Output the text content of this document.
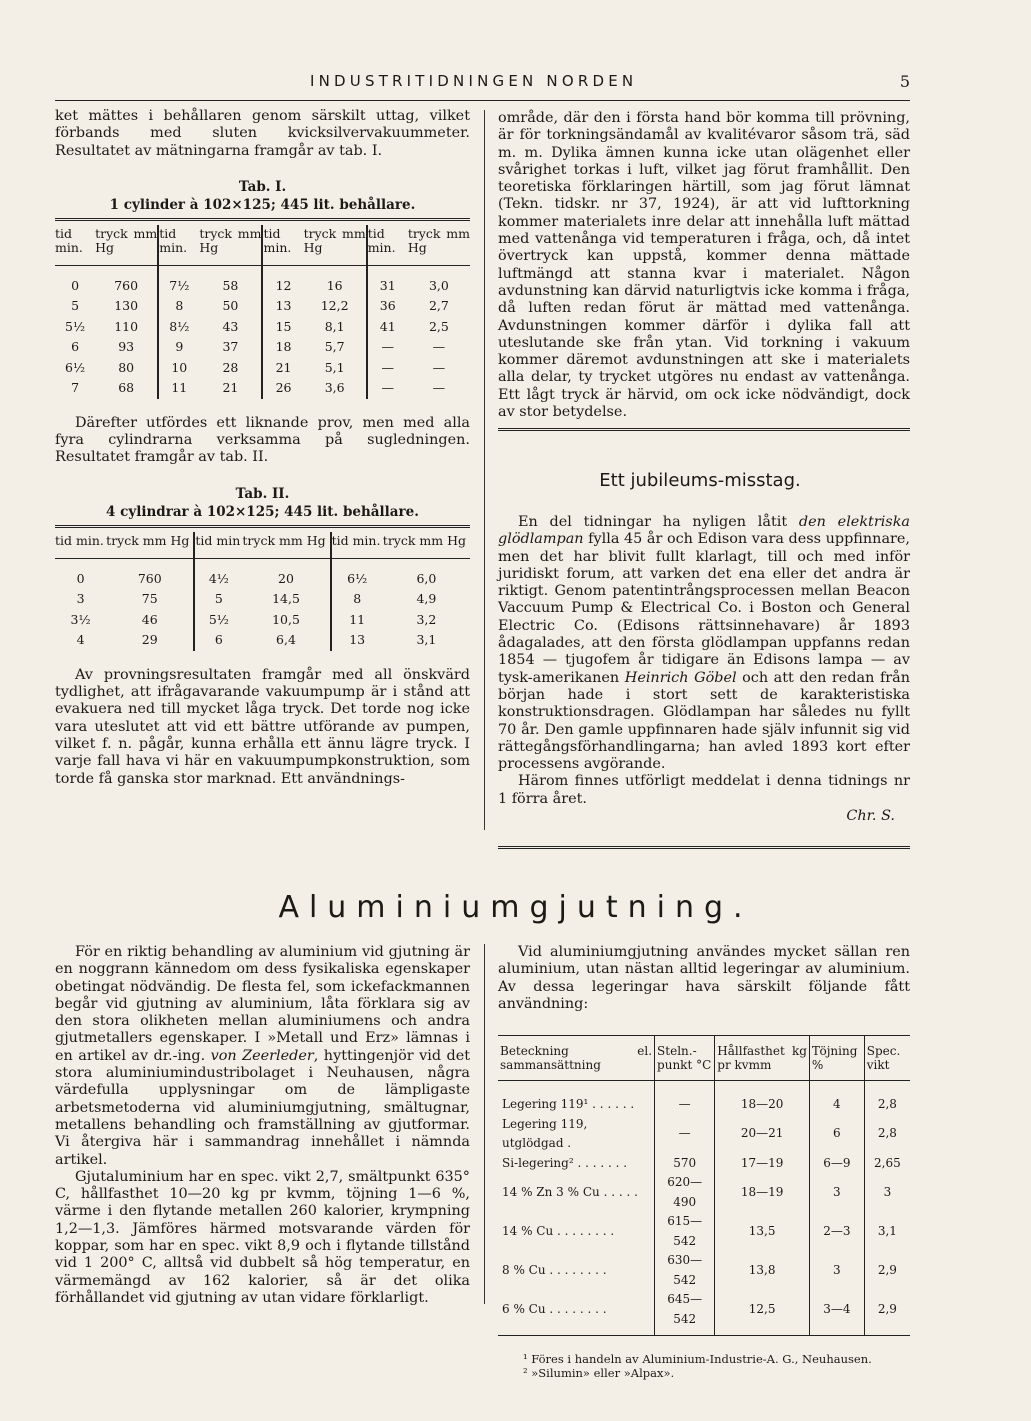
INDUSTRITIDNINGEN NORDEN	5

ket mättes i behållaren genom särskilt uttag, vilket förbands med sluten kvicksilvervakuummeter. Resultatet av mätningarna framgår av tab. I.

Tab. I.
1 cylinder à 102×125; 445 lit. behållare.
tid min.	tryck mm Hg	tid min.	tryck mm Hg	tid min.	tryck mm Hg	tid min.	tryck mm Hg
0	760	7½	58	12	16	31	3,0
5	130	8	50	13	12,2	36	2,7
5½	110	8½	43	15	8,1	41	2,5
6	93	9	37	18	5,7	—	—
6½	80	10	28	21	5,1	—	—
7	68	11	21	26	3,6	—	—

Därefter utfördes ett liknande prov, men med alla fyra cylindrarna verksamma på sugledningen. Resultatet framgår av tab. II.

Tab. II.
4 cylindrar à 102×125; 445 lit. behållare.
tid min.	tryck mm Hg	tid min	tryck mm Hg	tid min.	tryck mm Hg
0	760	4½	20	6½	6,0
3	75	5	14,5	8	4,9
3½	46	5½	10,5	11	3,2
4	29	6	6,4	13	3,1

Av provningsresultaten framgår med all önskvärd tydlighet, att ifrågavarande vakuumpump är i stånd att evakuera ned till mycket låga tryck. Det torde nog icke vara uteslutet att vid ett bättre utförande av pumpen, vilket f. n. pågår, kunna erhålla ett ännu lägre tryck. I varje fall hava vi här en vakuumpumpkonstruktion, som torde få ganska stor marknad. Ett användnings-

område, där den i första hand bör komma till prövning, är för torkningsändamål av kvalitévaror såsom trä, säd m. m. Dylika ämnen kunna icke utan olägenhet eller svårighet torkas i luft, vilket jag förut framhållit. Den teoretiska förklaringen härtill, som jag förut lämnat (Tekn. tidskr. nr 37, 1924), är att vid lufttorkning kommer materialets inre delar att innehålla luft mättad med vattenånga vid temperaturen i fråga, och, då intet övertryck kan uppstå, kommer denna mättade luftmängd att stanna kvar i materialet. Någon avdunstning kan därvid naturligtvis icke komma i fråga, då luften redan förut är mättad med vattenånga. Avdunstningen kommer därför i dylika fall att uteslutande ske från ytan. Vid torkning i vakuum kommer däremot avdunstningen att ske i materialets alla delar, ty trycket utgöres nu endast av vattenånga. Ett lågt tryck är härvid, om ock icke nödvändigt, dock av stor betydelse.

Ett jubileums-misstag.

En del tidningar ha nyligen låtit den elektriska glödlampan fylla 45 år och Edison vara dess uppfinnare, men det har blivit fullt klarlagt, till och med inför juridiskt forum, att varken det ena eller det andra är riktigt. Genom patentintrångsprocessen mellan Beacon Vaccuum Pump & Electrical Co. i Boston och General Electric Co. (Edisons rättsinnehavare) år 1893 ådagalades, att den första glödlampan uppfanns redan 1854 — tjugofem år tidigare än Edisons lampa — av tysk-amerikanen Heinrich Göbel och att den redan från början hade i stort sett de karakteristiska konstruktionsdragen. Glödlampan har således nu fyllt 70 år. Den gamle uppfinnaren hade själv infunnit sig vid rättegångsförhandlingarna; han avled 1893 kort efter processens avgörande.

Härom finnes utförligt meddelat i denna tidnings nr 1 förra året.

Chr. S.

Aluminiumgjutning.

För en riktig behandling av aluminium vid gjutning är en noggrann kännedom om dess fysikaliska egenskaper obetingat nödvändig. De flesta fel, som ickefackmannen begår vid gjutning av aluminium, låta förklara sig av den stora olikheten mellan aluminiumens och andra gjutmetallers egenskaper. I »Metall und Erz» lämnas i en artikel av dr.-ing. von Zeerleder, hyttingenjör vid det stora aluminiumindustribolaget i Neuhausen, några värdefulla upplysningar om de lämpligaste arbetsmetoderna vid aluminiumgjutning, smältugnar, metallens behandling och framställning av gjutformar. Vi återgiva här i sammandrag innehållet i nämnda artikel.

Gjutaluminium har en spec. vikt 2,7, smältpunkt 635° C, hållfasthet 10—20 kg pr kvmm, töjning 1—6 %, värme i den flytande metallen 260 kalorier, krympning 1,2—1,3. Jämföres härmed motsvarande värden för koppar, som har en spec. vikt 8,9 och i flytande tillstånd vid 1 200° C, alltså vid dubbelt så hög temperatur, en värmemängd av 162 kalorier, så är det olika förhållandet vid gjutning av utan vidare förklarligt.

Vid aluminiumgjutning användes mycket sällan ren aluminium, utan nästan alltid legeringar av aluminium. Av dessa legeringar hava särskilt följande fått användning:

Beteckning el. sammansättning	Steln.-punkt °C	Hållfasthet kg pr kvmm	Töjning %	Spec. vikt
Legering 119¹ . . . . . .	—	18—20	4	2,8
Legering 119, utglödgad .	—	20—21	6	2,8
Si-legering² . . . . . . .	570	17—19	6—9	2,65
14 % Zn 3 % Cu . . . . .	620—490	18—19	3	3
14 % Cu . . . . . . . .	615—542	13,5	2—3	3,1
8 % Cu . . . . . . . .	630—542	13,8	3	2,9
6 % Cu . . . . . . . .	645—542	12,5	3—4	2,9
¹ Föres i handeln av Aluminium-Industrie-A. G., Neuhausen.
² »Silumin» eller »Alpax».
